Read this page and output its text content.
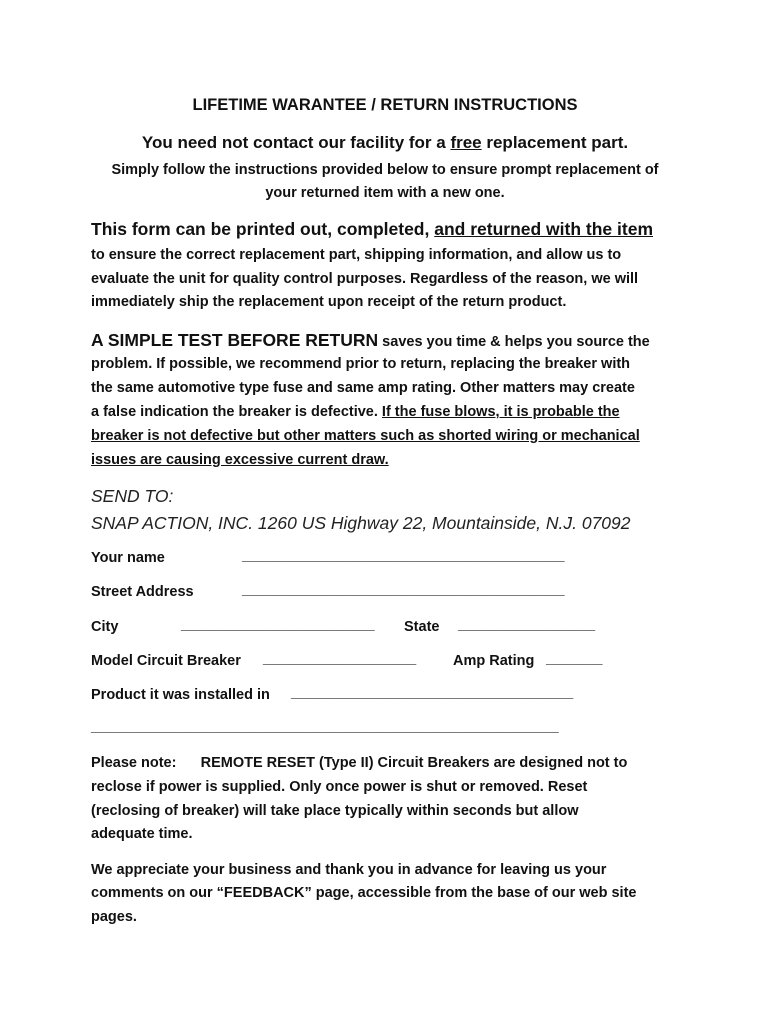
LIFETIME WARANTEE / RETURN INSTRUCTIONS
You need not contact our facility for a free replacement part.
Simply follow the instructions provided below to ensure prompt replacement of
your returned item with a new one.
This form can be printed out, completed, and returned with the item
to ensure the correct replacement part, shipping information, and allow us to
evaluate the unit for quality control purposes. Regardless of the reason, we will
immediately ship the replacement upon receipt of the return product.
A SIMPLE TEST BEFORE RETURN saves you time & helps you source the
problem. If possible, we recommend prior to return, replacing the breaker with
the same automotive type fuse and same amp rating. Other matters may create
a false indication the breaker is defective. If the fuse blows, it is probable the
breaker is not defective but other matters such as shorted wiring or mechanical
issues are causing excessive current draw.
SEND TO:
SNAP ACTION, INC. 1260 US Highway 22, Mountainside, N.J. 07092
Your name	________________________________________
Street Address	________________________________________
City	________________________ State _________________
Model Circuit Breaker ___________________	Amp Rating _______
Product it was installed in ___________________________________
__________________________________________________________
Please note:      REMOTE RESET (Type II) Circuit Breakers are designed not to
reclose if power is supplied. Only once power is shut or removed. Reset
(reclosing of breaker) will take place typically within seconds but allow
adequate time.
We appreciate your business and thank you in advance for leaving us your
comments on our “FEEDBACK” page, accessible from the base of our web site
pages.
